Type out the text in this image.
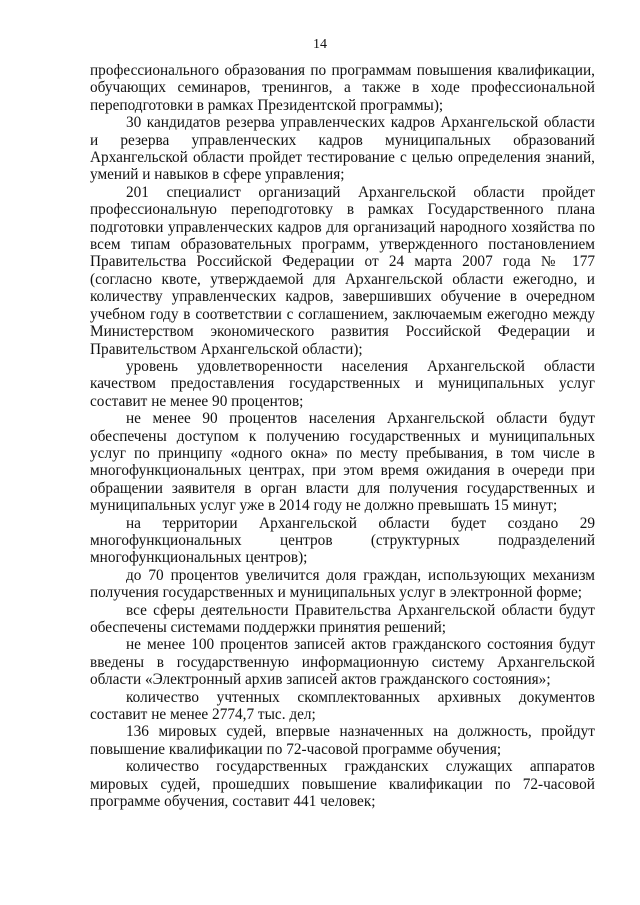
14

профессионального образования по программам повышения квалификации, обучающих семинаров, тренингов, а также в ходе профессиональной переподготовки в рамках Президентской программы);

30 кандидатов резерва управленческих кадров Архангельской области и резерва управленческих кадров муниципальных образований Архангельской области пройдет тестирование с целью определения знаний, умений и навыков в сфере управления;

201 специалист организаций Архангельской области пройдет профессиональную переподготовку в рамках Государственного плана подготовки управленческих кадров для организаций народного хозяйства по всем типам образовательных программ, утвержденного постановлением Правительства Российской Федерации от 24 марта 2007 года № 177 (согласно квоте, утверждаемой для Архангельской области ежегодно, и количеству управленческих кадров, завершивших обучение в очередном учебном году в соответствии с соглашением, заключаемым ежегодно между Министерством экономического развития Российской Федерации и Правительством Архангельской области);

уровень удовлетворенности населения Архангельской области качеством предоставления государственных и муниципальных услуг составит не менее 90 процентов;

не менее 90 процентов населения Архангельской области будут обеспечены доступом к получению государственных и муниципальных услуг по принципу «одного окна» по месту пребывания, в том числе в многофункциональных центрах, при этом время ожидания в очереди при обращении заявителя в орган власти для получения государственных и муниципальных услуг уже в 2014 году не должно превышать 15 минут;

на территории Архангельской области будет создано 29 многофункциональных центров (структурных подразделений многофункциональных центров);

до 70 процентов увеличится доля граждан, использующих механизм получения государственных и муниципальных услуг в электронной форме;

все сферы деятельности Правительства Архангельской области будут обеспечены системами поддержки принятия решений;

не менее 100 процентов записей актов гражданского состояния будут введены в государственную информационную систему Архангельской области «Электронный архив записей актов гражданского состояния»;

количество учтенных скомплектованных архивных документов составит не менее 2774,7 тыс. дел;

136 мировых судей, впервые назначенных на должность, пройдут повышение квалификации по 72-часовой программе обучения;

количество государственных гражданских служащих аппаратов мировых судей, прошедших повышение квалификации по 72-часовой программе обучения, составит 441 человек;
